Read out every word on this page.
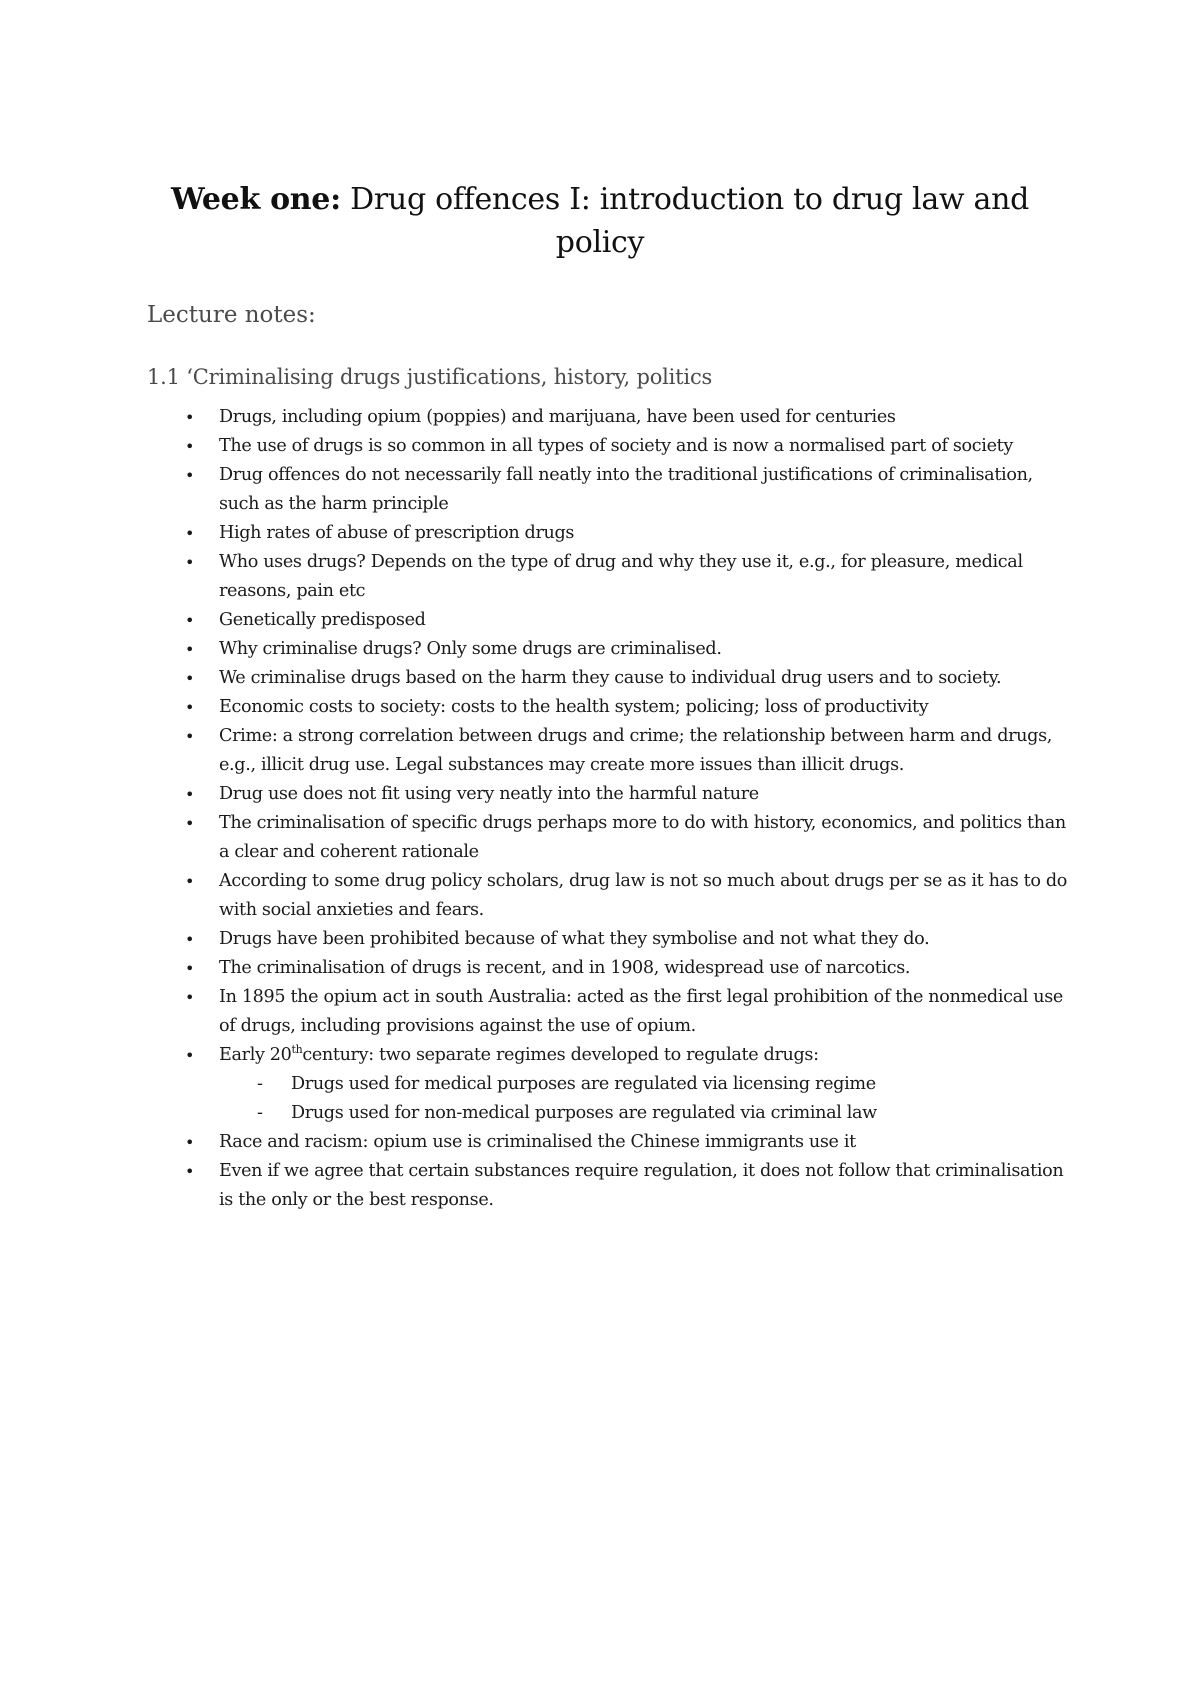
Week one: Drug offences I: introduction to drug law and policy
Lecture notes:
1.1 ‘Criminalising drugs justifications, history, politics
• Drugs, including opium (poppies) and marijuana, have been used for centuries
• The use of drugs is so common in all types of society and is now a normalised part of society
• Drug offences do not necessarily fall neatly into the traditional justifications of criminalisation, such as the harm principle
• High rates of abuse of prescription drugs
• Who uses drugs? Depends on the type of drug and why they use it, e.g., for pleasure, medical reasons, pain etc
• Genetically predisposed
• Why criminalise drugs? Only some drugs are criminalised.
• We criminalise drugs based on the harm they cause to individual drug users and to society.
• Economic costs to society: costs to the health system; policing; loss of productivity
• Crime: a strong correlation between drugs and crime; the relationship between harm and drugs, e.g., illicit drug use. Legal substances may create more issues than illicit drugs.
• Drug use does not fit using very neatly into the harmful nature
• The criminalisation of specific drugs perhaps more to do with history, economics, and politics than a clear and coherent rationale
• According to some drug policy scholars, drug law is not so much about drugs per se as it has to do with social anxieties and fears.
• Drugs have been prohibited because of what they symbolise and not what they do.
• The criminalisation of drugs is recent, and in 1908, widespread use of narcotics.
• In 1895 the opium act in south Australia: acted as the first legal prohibition of the nonmedical use of drugs, including provisions against the use of opium.
• Early 20thcentury: two separate regimes developed to regulate drugs:
- Drugs used for medical purposes are regulated via licensing regime
- Drugs used for non-medical purposes are regulated via criminal law
• Race and racism: opium use is criminalised the Chinese immigrants use it
• Even if we agree that certain substances require regulation, it does not follow that criminalisation is the only or the best response.
